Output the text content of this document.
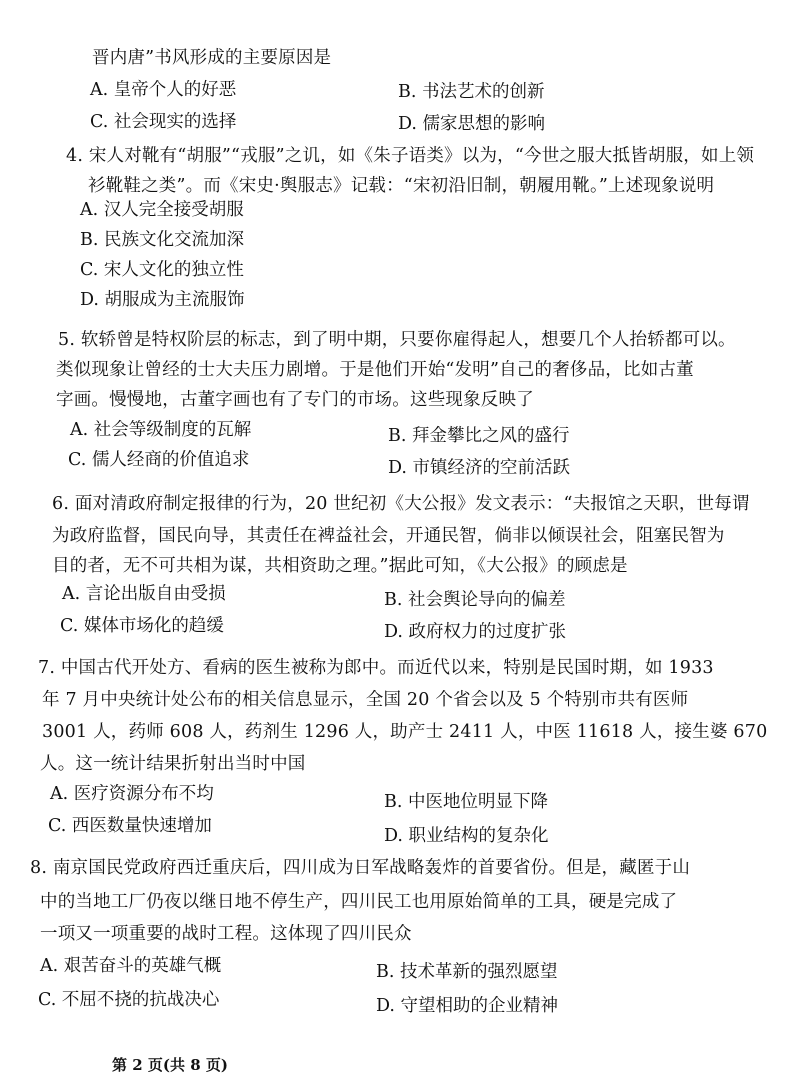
晋内唐”书风形成的主要原因是
A. 皇帝个人的好恶	B. 书法艺术的创新
C. 社会现实的选择	D. 儒家思想的影响
4. 宋人对靴有“胡服”“戎服”之讥，如《朱子语类》以为，“今世之服大抵皆胡服，如上领
衫靴鞋之类”。而《宋史·舆服志》记载：“宋初沿旧制，朝履用靴。”上述现象说明
A. 汉人完全接受胡服
B. 民族文化交流加深
C. 宋人文化的独立性
D. 胡服成为主流服饰
5. 软轿曾是特权阶层的标志，到了明中期，只要你雇得起人，想要几个人抬轿都可以。
类似现象让曾经的士大夫压力剧增。于是他们开始“发明”自己的奢侈品，比如古董
字画。慢慢地，古董字画也有了专门的市场。这些现象反映了
A. 社会等级制度的瓦解	B. 拜金攀比之风的盛行
C. 儒人经商的价值追求	D. 市镇经济的空前活跃
6. 面对清政府制定报律的行为，20 世纪初《大公报》发文表示：“夫报馆之天职，世每谓
为政府监督，国民向导，其责任在裨益社会，开通民智，倘非以倾误社会，阻塞民智为
目的者，无不可共相为谋，共相资助之理。”据此可知，《大公报》的顾虑是
A. 言论出版自由受损	B. 社会舆论导向的偏差
C. 媒体市场化的趋缓	D. 政府权力的过度扩张
7. 中国古代开处方、看病的医生被称为郎中。而近代以来，特别是民国时期，如 1933
年 7 月中央统计处公布的相关信息显示，全国 20 个省会以及 5 个特别市共有医师
3001 人，药师 608 人，药剂生 1296 人，助产士 2411 人，中医 11618 人，接生婆 670
人。这一统计结果折射出当时中国
A. 医疗资源分布不均	B. 中医地位明显下降
C. 西医数量快速增加	D. 职业结构的复杂化
8. 南京国民党政府西迁重庆后，四川成为日军战略轰炸的首要省份。但是，藏匿于山
中的当地工厂仍夜以继日地不停生产，四川民工也用原始简单的工具，硬是完成了
一项又一项重要的战时工程。这体现了四川民众
A. 艰苦奋斗的英雄气概	B. 技术革新的强烈愿望
C. 不屈不挠的抗战决心	D. 守望相助的企业精神
第 2 页(共 8 页)
